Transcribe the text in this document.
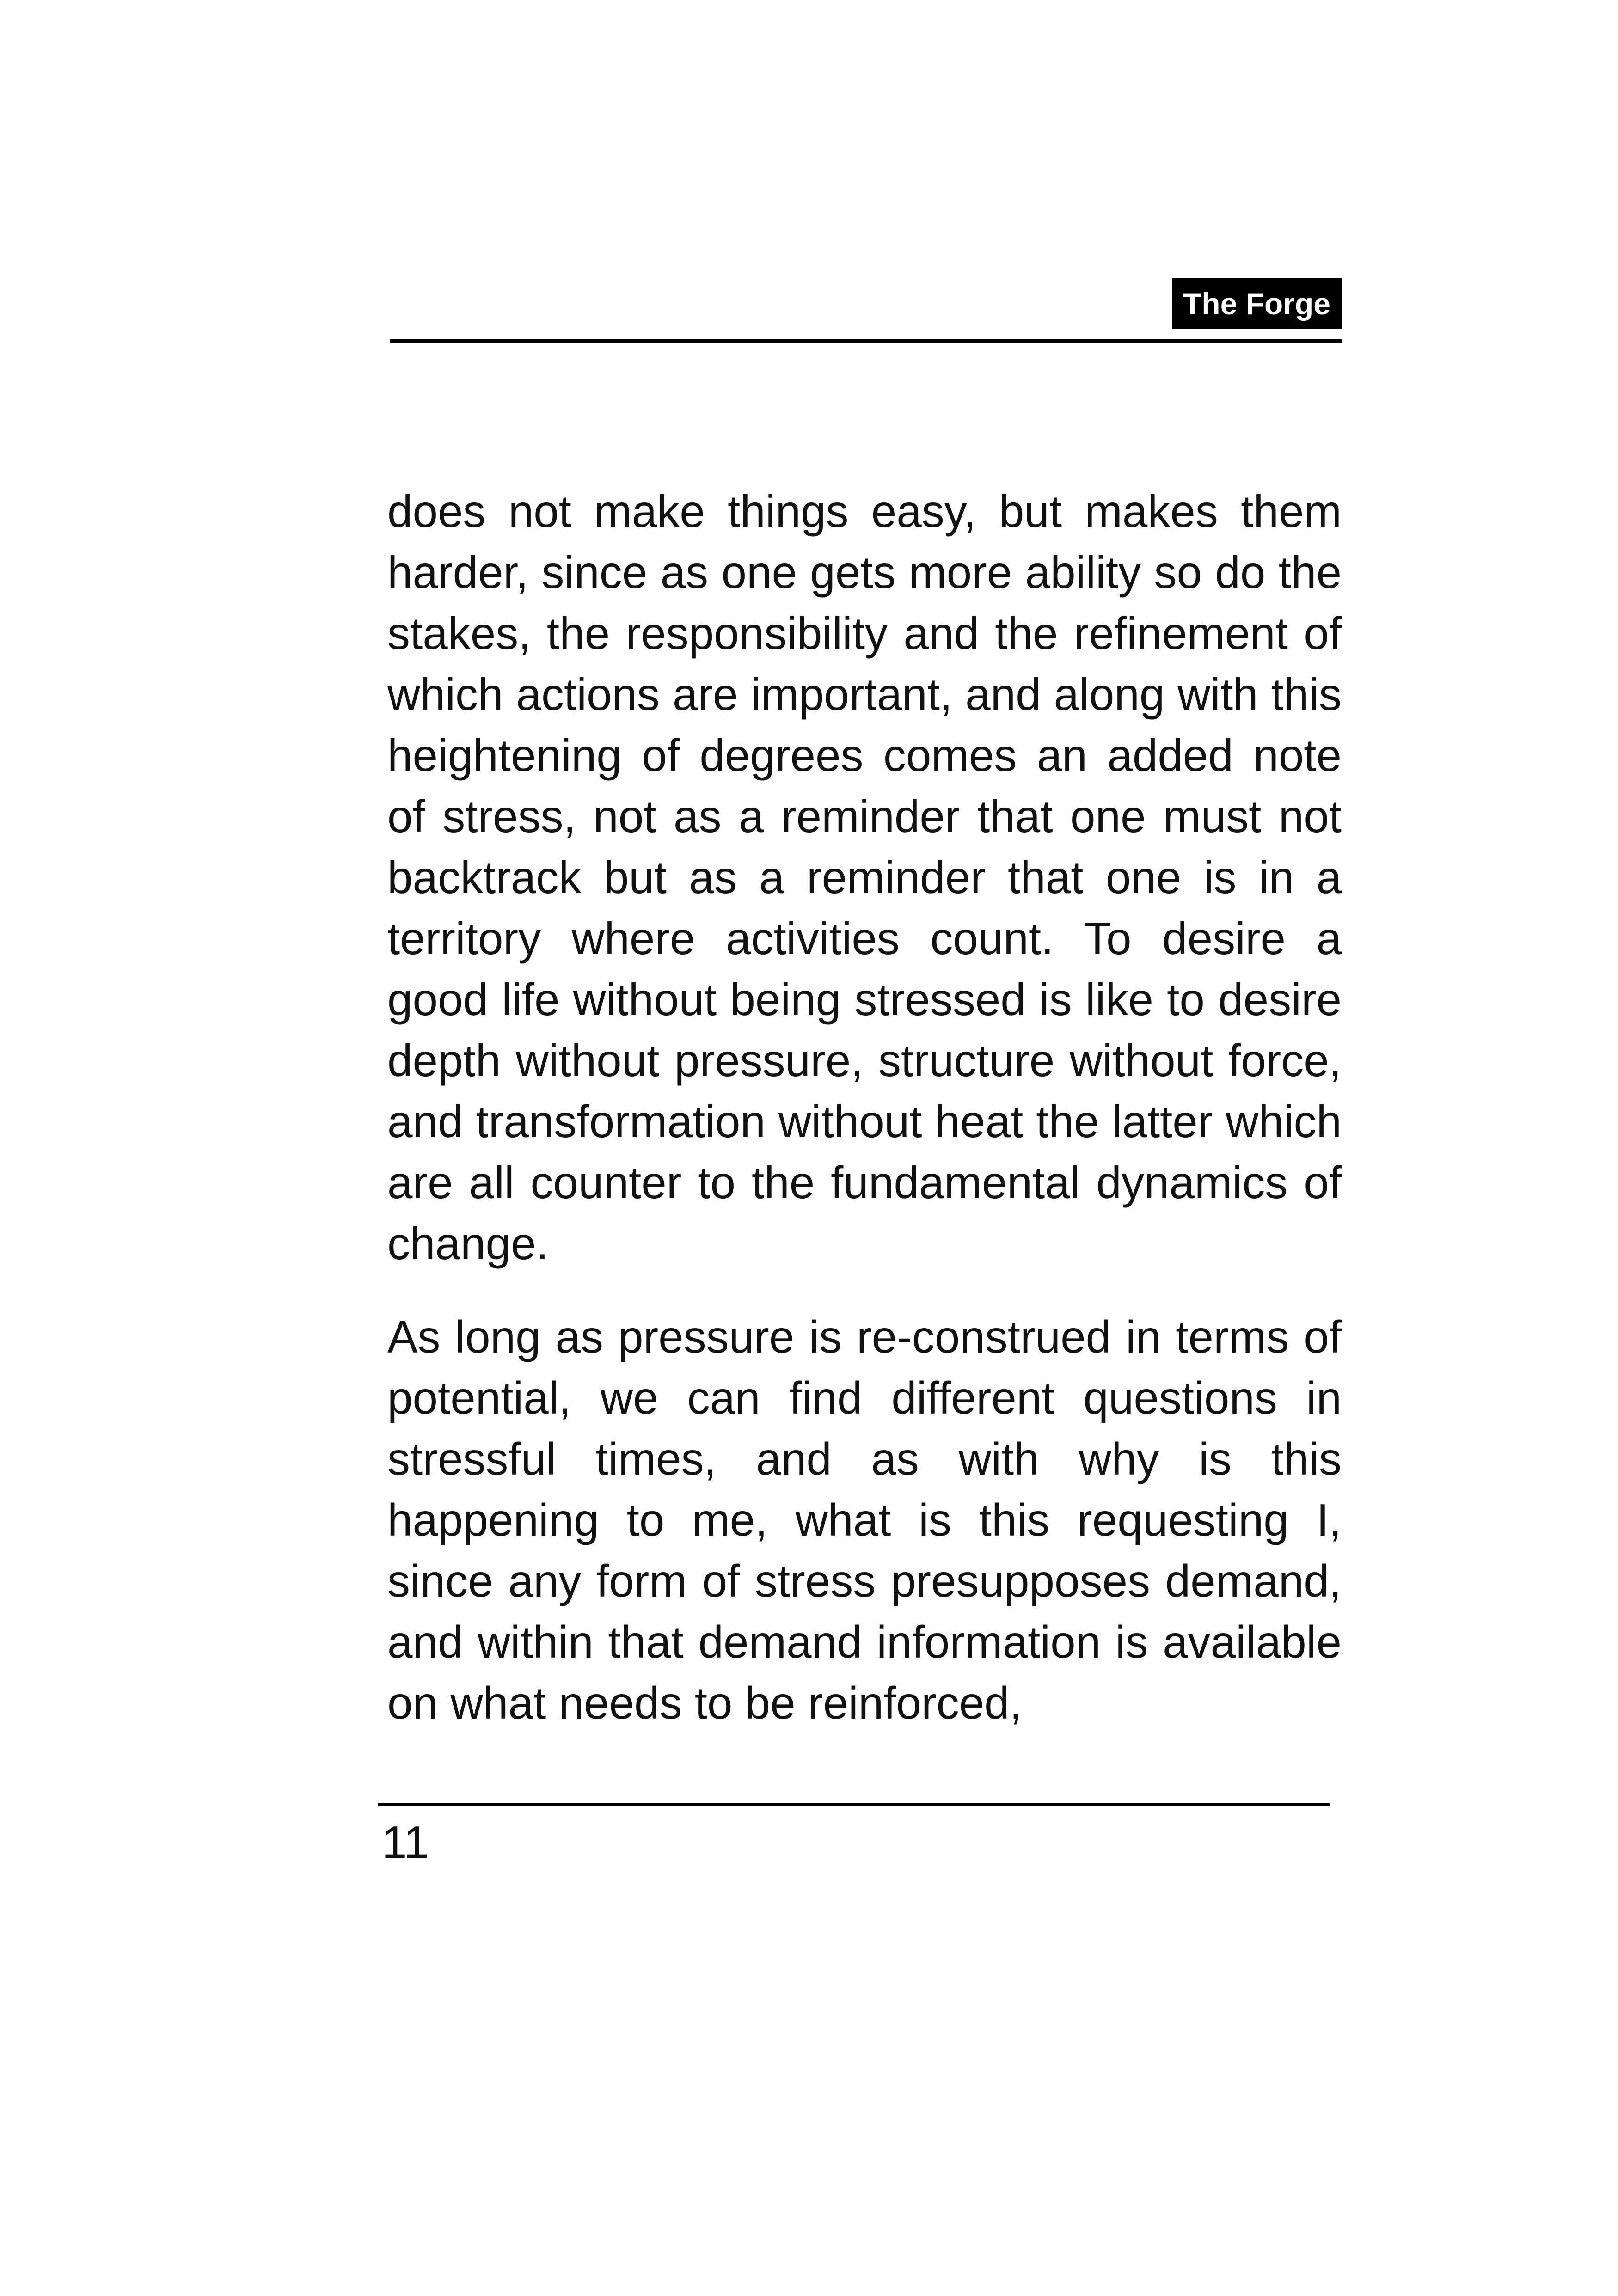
The Forge

does not make things easy, but makes them harder, since as one gets more ability so do the stakes, the responsibility and the refinement of which actions are important, and along with this heightening of degrees comes an added note of stress, not as a reminder that one must not backtrack but as a reminder that one is in a territory where activities count. To desire a good life without being stressed is like to desire depth without pressure, structure without force, and transformation without heat the latter which are all counter to the fundamental dynamics of change.

As long as pressure is re-construed in terms of potential, we can find different questions in stressful times, and as with why is this happening to me, what is this requesting I, since any form of stress presupposes demand, and within that demand information is available on what needs to be reinforced,

11
